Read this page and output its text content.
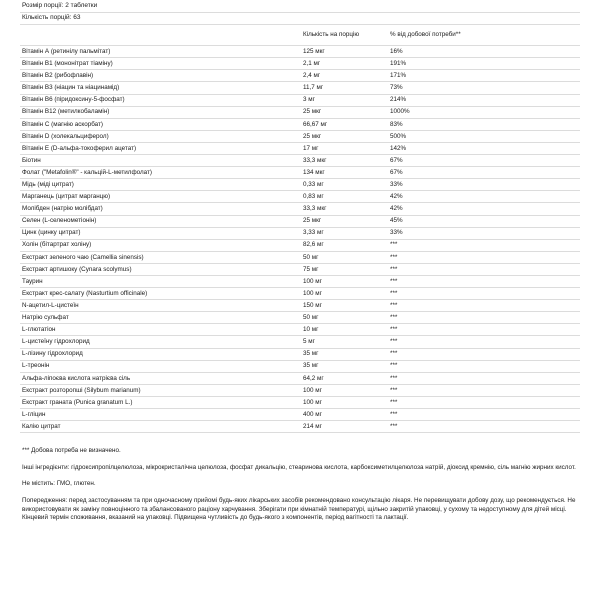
Розмір порції: 2 таблетки
Кількість порцій: 63
	Кількість на порцію	% від добової потреби**
Вітамін А (ретинілу пальмітат)	125 мкг	16%
Вітамін В1 (мононітрат тіаміну)	2,1 мг	191%
Вітамін В2 (рибофлавін)	2,4 мг	171%
Вітамін В3 (ніацин та ніацинамід)	11,7 мг	73%
Вітамін В6 (піридоксину-5-фосфат)	3 мг	214%
Вітамін В12 (метилкобаламін)	25 мкг	1000%
Вітамін С (магнію аскорбат)	66,67 мг	83%
Вітамін D (холекальциферол)	25 мкг	500%
Вітамін Е (D-альфа-токоферил ацетат)	17 мг	142%
Біотин	33,3 мкг	67%
Фолат ("Metafolin®" - кальцій-L-метилфолат)	134 мкг	67%
Мідь (міді цитрат)	0,33 мг	33%
Марганець (цитрат марганцю)	0,83 мг	42%
Молібден (натрію молібдат)	33,3 мкг	42%
Селен (L-селенометіонін)	25 мкг	45%
Цинк (цинку цитрат)	3,33 мг	33%
Холін (бітартрат холіну)	82,6 мг	***
Екстракт зеленого чаю (Camellia sinensis)	50 мг	***
Екстракт артишоку (Cynara scolymus)	75 мг	***
Таурин	100 мг	***
Екстракт крес-салату (Nasturtium officinale)	100 мг	***
N-ацетил-L-цистеїн	150 мг	***
Натрію сульфат	50 мг	***
L-глютатіон	10 мг	***
L-цистеїну гідрохлорид	5 мг	***
L-лізину гідрохлорид	35 мг	***
L-треонін	35 мг	***
Альфа-ліпоєва кислота натрієва сіль	64,2 мг	***
Екстракт розторопші (Silybum marianum)	100 мг	***
Екстракт граната (Punica granatum L.)	100 мг	***
L-гліцин	400 мг	***
Калію цитрат	214 мг	***

*** Добова потреба не визначено.

Інші інгредієнти: гідроксипропілцелюлоза, мікрокристалічна целюлоза, фосфат дикальцію, стеаринова кислота, карбоксиметилцелюлоза натрій, діоксид кремнію, сіль магнію жирних кислот.

Не містить: ГМО, глютен.

Попередження: перед застосуванням та при одночасному прийомі будь-яких лікарських засобів рекомендовано консультацію лікаря. Не перевищувати добову дозу, що рекомендується. Не використовувати як заміну повноцінного та збалансованого раціону харчування. Зберігати при кімнатній температурі, щільно закритій упаковці, у сухому та недоступному для дітей місці. Кінцевий термін споживання, вказаний на упаковці. Підвищена чутливість до будь-якого з компонентів, період вагітності та лактації.
